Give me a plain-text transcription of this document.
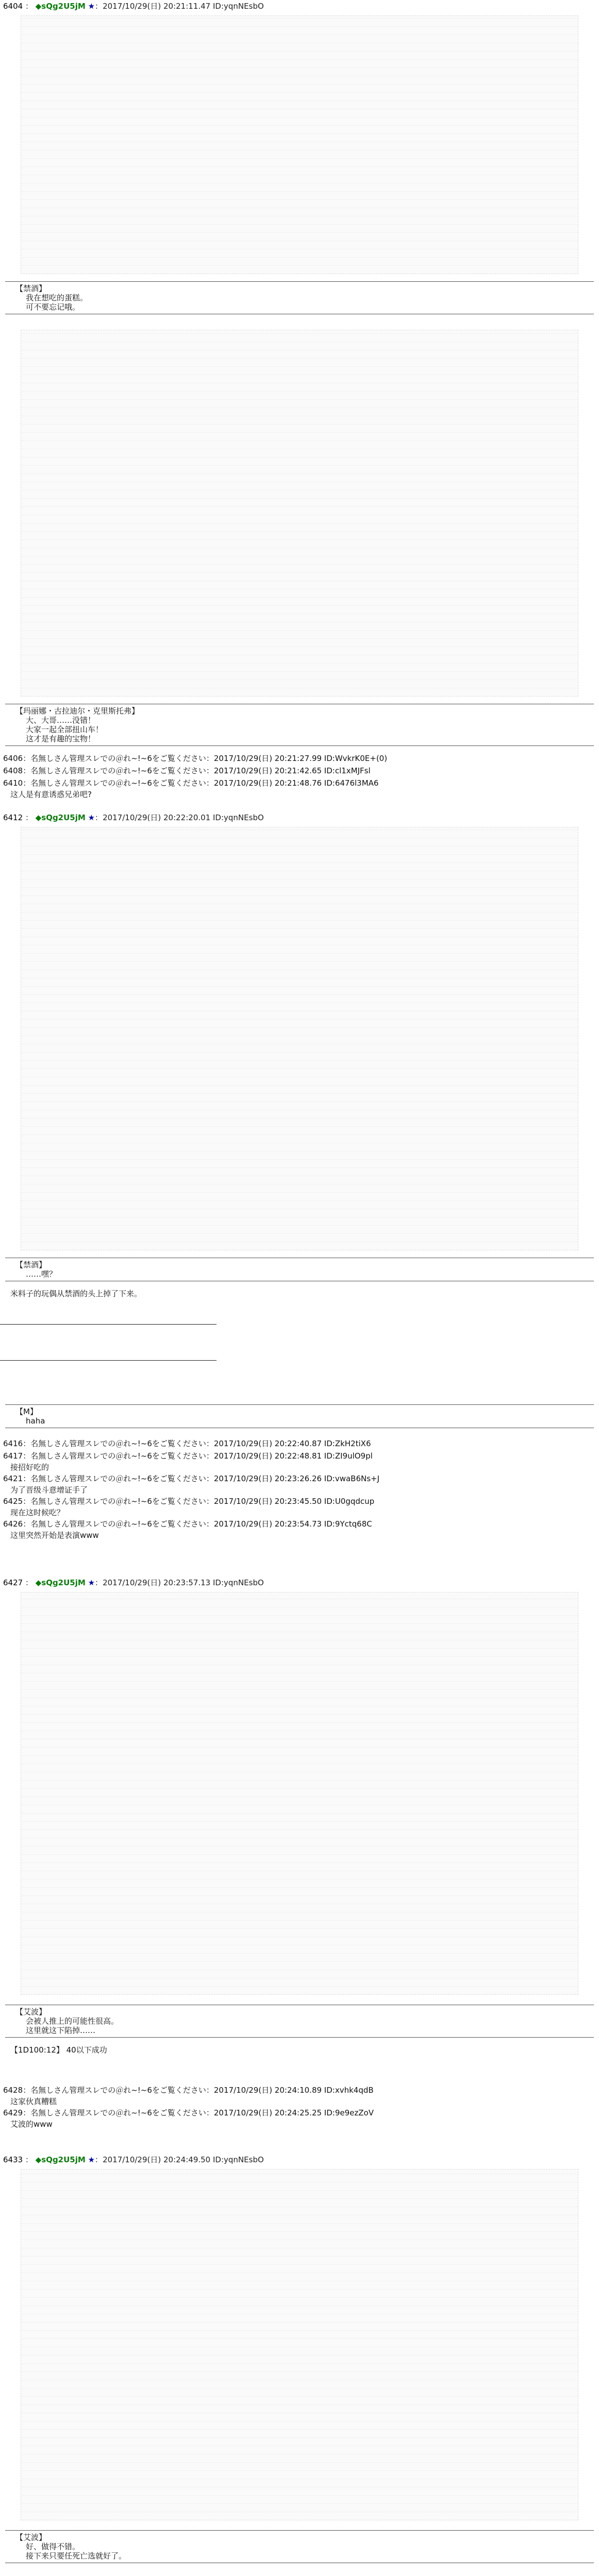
6404 ： ◆sQg2U5jM ★：2017/10/29(日) 20:21:11.47 ID:yqnNEsbO
【禁酒】
我在想吃的蛋糕。
可不要忘记哦。
【玛丽娜・古拉迪尔・克里斯托弗】
大、大哥……没错！
大家一起全部扭山车！
这才是有趣的宝物！
6406：名無しさん管理スレでの＠れ~!~6をご覧ください：2017/10/29(日) 20:21:27.99 ID:WvkrK0E+(0)
6408：名無しさん管理スレでの＠れ~!~6をご覧ください：2017/10/29(日) 20:21:42.65 ID:cl1xMJFsl
6410：名無しさん管理スレでの＠れ~!~6をご覧ください：2017/10/29(日) 20:21:48.76 ID:6476l3MA6
这人是有意诱惑兄弟吧?
6412 ： ◆sQg2U5jM ★：2017/10/29(日) 20:22:20.01 ID:yqnNEsbO
【禁酒】
……嘿？
米料子的玩偶从禁酒的头上掉了下来。
【M】
haha
6416：名無しさん管理スレでの＠れ~!~6をご覧ください：2017/10/29(日) 20:22:40.87 ID:ZkH2tiX6
6417：名無しさん管理スレでの＠れ~!~6をご覧ください：2017/10/29(日) 20:22:48.81 ID:ZI9ulO9pl
接招好吃的
6421：名無しさん管理スレでの＠れ~!~6をご覧ください：2017/10/29(日) 20:23:26.26 ID:vwaB6Ns+J
为了晋级斗意增证手了
6425：名無しさん管理スレでの＠れ~!~6をご覧ください：2017/10/29(日) 20:23:45.50 ID:U0gqdcup
现在这时候吃？
6426：名無しさん管理スレでの＠れ~!~6をご覧ください：2017/10/29(日) 20:23:54.73 ID:9Yctq68C
这里突然开始是表演www
6427 ： ◆sQg2U5jM ★：2017/10/29(日) 20:23:57.13 ID:yqnNEsbO
【艾波】
会被人推上的可能性很高。
这里就这下陷掉……
【1D100:12】 40以下成功
6428：名無しさん管理スレでの＠れ~!~6をご覧ください：2017/10/29(日) 20:24:10.89 ID:xvhk4qdB
这家伙真糟糕
6429：名無しさん管理スレでの＠れ~!~6をご覧ください：2017/10/29(日) 20:24:25.25 ID:9e9ezZoV
艾波的www
6433 ： ◆sQg2U5jM ★：2017/10/29(日) 20:24:49.50 ID:yqnNEsbO
【艾波】
好、做得不错。
接下来只要任死亡选就好了。
